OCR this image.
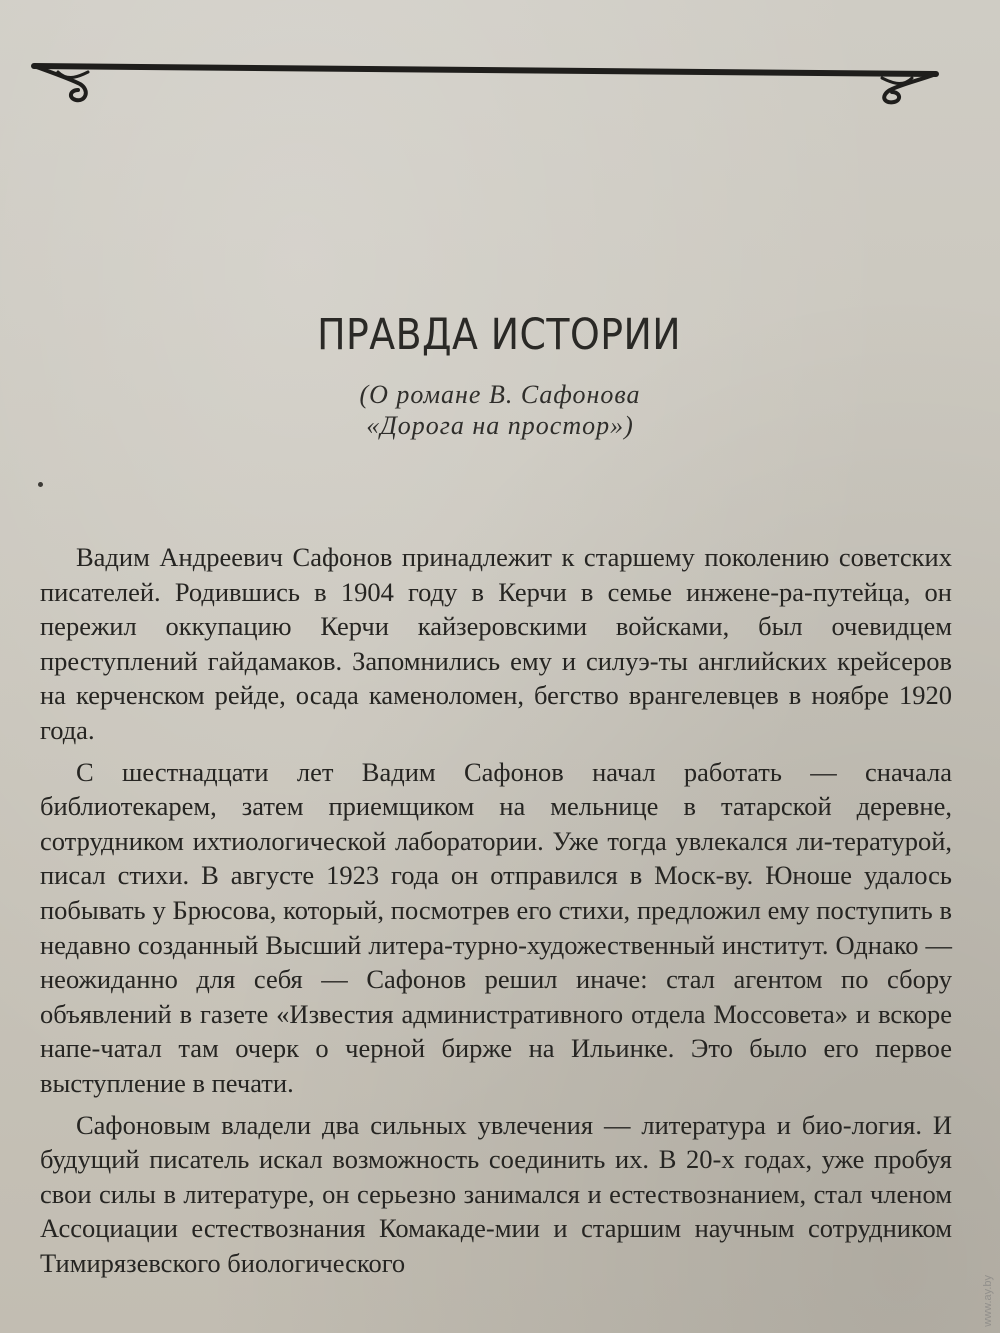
ПРАВДА ИСТОРИИ
(О романе В. Сафонова
«Дорога на простор»)

Вадим Андреевич Сафонов принадлежит к старшему поколению советских писателей. Родившись в 1904 году в Керчи в семье инжене-ра-путейца, он пережил оккупацию Керчи кайзеровскими войсками, был очевидцем преступлений гайдамаков. Запомнились ему и силуэ-ты английских крейсеров на керченском рейде, осада каменоломен, бегство врангелевцев в ноябре 1920 года.

С шестнадцати лет Вадим Сафонов начал работать — сначала библиотекарем, затем приемщиком на мельнице в татарской деревне, сотрудником ихтиологической лаборатории. Уже тогда увлекался ли-тературой, писал стихи. В августе 1923 года он отправился в Моск-ву. Юноше удалось побывать у Брюсова, который, посмотрев его стихи, предложил ему поступить в недавно созданный Высший литера-турно-художественный институт. Однако — неожиданно для себя — Сафонов решил иначе: стал агентом по сбору объявлений в газете «Известия административного отдела Моссовета» и вскоре напе-чатал там очерк о черной бирже на Ильинке. Это было его первое выступление в печати.

Сафоновым владели два сильных увлечения — литература и био-логия. И будущий писатель искал возможность соединить их. В 20-х годах, уже пробуя свои силы в литературе, он серьезно занимался и естествознанием, стал членом Ассоциации естествознания Комакаде-мии и старшим научным сотрудником Тимирязевского биологического

www.ay.by
